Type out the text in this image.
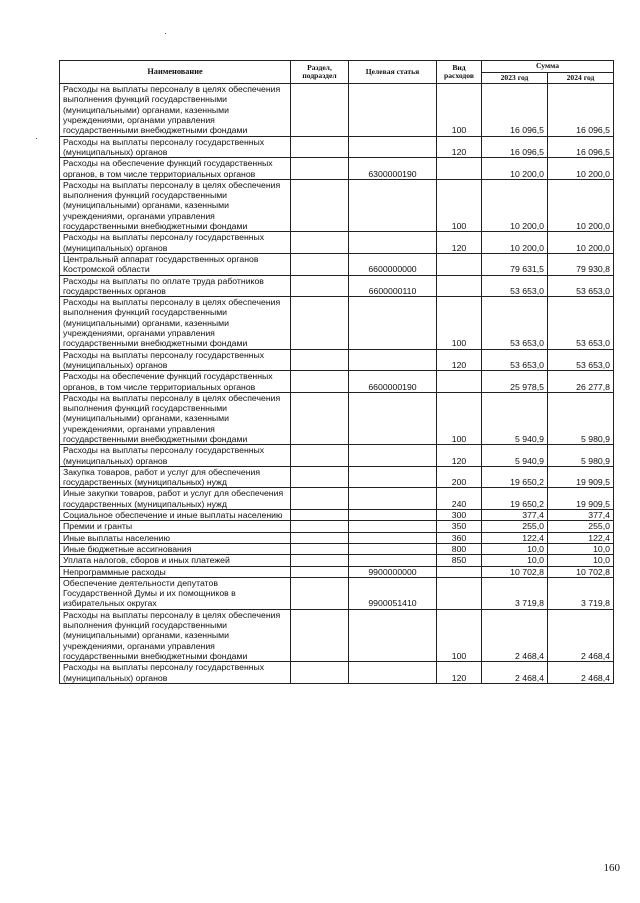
Наименование	Раздел, подраздел	Целевая статья	Вид расходов	Сумма	
				2023 год	2024 год
Расходы на выплаты персоналу в целях обеспечения выполнения функций государственными (муниципальными) органами, казенными учреждениями, органами управления государственными внебюджетными фондами			100	16 096,5	16 096,5
Расходы на выплаты персоналу государственных (муниципальных) органов			120	16 096,5	16 096,5
Расходы на обеспечение функций государственных органов, в том числе территориальных органов		6300000190		10 200,0	10 200,0
Расходы на выплаты персоналу в целях обеспечения выполнения функций государственными (муниципальными) органами, казенными учреждениями, органами управления государственными внебюджетными фондами			100	10 200,0	10 200,0
Расходы на выплаты персоналу государственных (муниципальных) органов			120	10 200,0	10 200,0
Центральный аппарат государственных органов Костромской области		6600000000		79 631,5	79 930,8
Расходы на выплаты по оплате труда работников государственных органов		6600000110		53 653,0	53 653,0
Расходы на выплаты персоналу в целях обеспечения выполнения функций государственными (муниципальными) органами, казенными учреждениями, органами управления государственными внебюджетными фондами			100	53 653,0	53 653,0
Расходы на выплаты персоналу государственных (муниципальных) органов			120	53 653,0	53 653,0
Расходы на обеспечение функций государственных органов, в том числе территориальных органов		6600000190		25 978,5	26 277,8
Расходы на выплаты персоналу в целях обеспечения выполнения функций государственными (муниципальными) органами, казенными учреждениями, органами управления государственными внебюджетными фондами			100	5 940,9	5 980,9
Расходы на выплаты персоналу государственных (муниципальных) органов			120	5 940,9	5 980,9
Закупка товаров, работ и услуг для обеспечения государственных (муниципальных) нужд			200	19 650,2	19 909,5
Иные закупки товаров, работ и услуг для обеспечения государственных (муниципальных) нужд			240	19 650,2	19 909,5
Социальное обеспечение и иные выплаты населению			300	377,4	377,4
Премии и гранты			350	255,0	255,0
Иные выплаты населению			360	122,4	122,4
Иные бюджетные ассигнования			800	10,0	10,0
Уплата налогов, сборов и иных платежей			850	10,0	10,0
Непрограммные расходы		9900000000		10 702,8	10 702,8
Обеспечение деятельности депутатов Государственной Думы и их помощников в избирательных округах		9900051410		3 719,8	3 719,8
Расходы на выплаты персоналу в целях обеспечения выполнения функций государственными (муниципальными) органами, казенными учреждениями, органами управления государственными внебюджетными фондами			100	2 468,4	2 468,4
Расходы на выплаты персоналу государственных (муниципальных) органов			120	2 468,4	2 468,4
160
